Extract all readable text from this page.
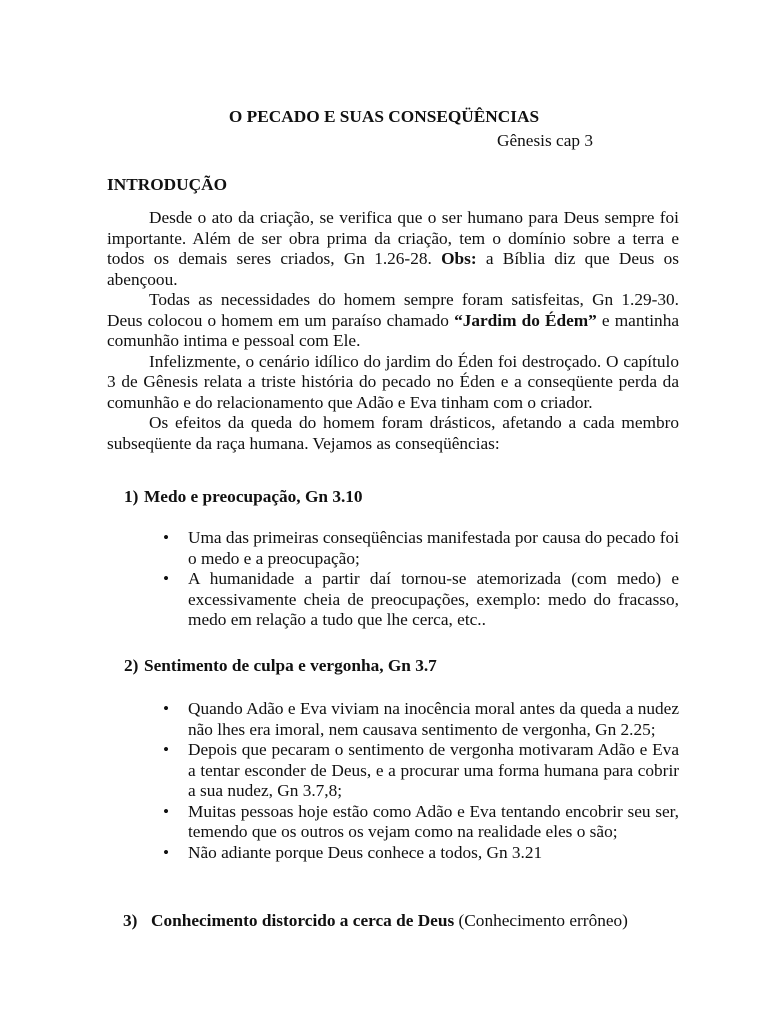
O PECADO E SUAS CONSEQÜÊNCIAS
Gênesis cap 3
INTRODUÇÃO

Desde o ato da criação, se verifica que o ser humano para Deus sempre foi importante. Além de ser obra prima da criação, tem o domínio sobre a terra e todos os demais seres criados, Gn 1.26-28. Obs: a Bíblia diz que Deus os abençoou.

Todas as necessidades do homem sempre foram satisfeitas, Gn 1.29-30. Deus colocou o homem em um paraíso chamado “Jardim do Édem” e mantinha comunhão intima e pessoal com Ele.

Infelizmente, o cenário idílico do jardim do Éden foi destroçado. O capítulo 3 de Gênesis relata a triste história do pecado no Éden e a conseqüente perda da comunhão e do relacionamento que Adão e Eva tinham com o criador.

Os efeitos da queda do homem foram drásticos, afetando a cada membro subseqüente da raça humana. Vejamos as conseqüências:

1) Medo e preocupação, Gn 3.10
•	Uma das primeiras conseqüências manifestada por causa do pecado foi o medo e a preocupação;
•	A humanidade a partir daí tornou-se atemorizada (com medo) e excessivamente cheia de preocupações, exemplo: medo do fracasso, medo em relação a tudo que lhe cerca, etc..
2) Sentimento de culpa e vergonha, Gn 3.7
•	Quando Adão e Eva viviam na inocência moral antes da queda a nudez não lhes era imoral, nem causava sentimento de vergonha, Gn 2.25;
•	Depois que pecaram o sentimento de vergonha motivaram Adão e Eva a tentar esconder de Deus, e a procurar uma forma humana para cobrir a sua nudez, Gn 3.7,8;
•	Muitas pessoas hoje estão como Adão e Eva tentando encobrir seu ser, temendo que os outros os vejam como na realidade eles o são;
•	Não adiante porque Deus conhece a todos, Gn 3.21
3) Conhecimento distorcido a cerca de Deus (Conhecimento errôneo)
